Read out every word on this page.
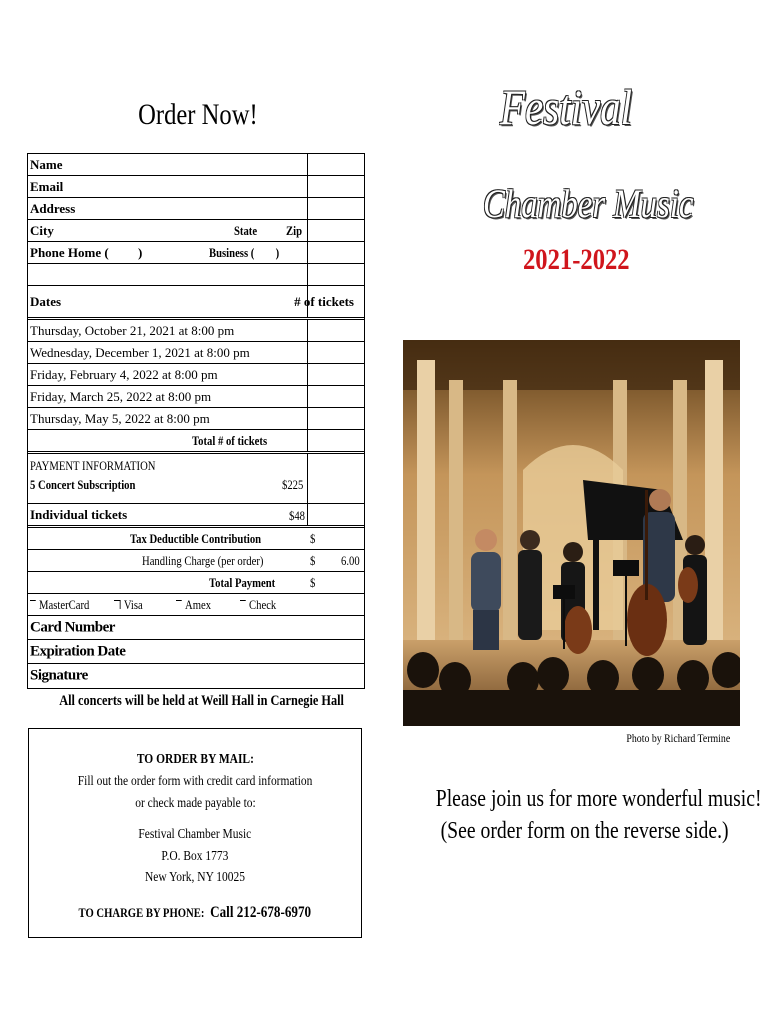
Order Now!
Name
Email
Address
City	State Zip
Phone Home (         )	Business (        )
Dates	# of tickets
Thursday, October 21, 2021 at 8:00 pm
Wednesday, December 1, 2021 at 8:00 pm
Friday, February 4, 2022 at 8:00 pm
Friday, March 25, 2022 at 8:00 pm
Thursday, May 5, 2022 at 8:00 pm
Total # of tickets
PAYMENT INFORMATION
5 Concert Subscription	$225
Individual tickets	$48
Tax Deductible Contribution	$
Handling Charge (per order)	$ 6.00
Total Payment	$
MasterCard	Visa	Amex	Check
Card Number
Expiration Date
Signature
All concerts will be held at Weill Hall in Carnegie Hall
TO ORDER BY MAIL:
Fill out the order form with credit card information
or check made payable to:
Festival Chamber Music
P.O. Box 1773
New York, NY 10025
TO CHARGE BY PHONE: Call 212-678-6970
Festival
Chamber Music
2021-2022
Photo by Richard Termine
Please join us for more wonderful music!
(See order form on the reverse side.)
